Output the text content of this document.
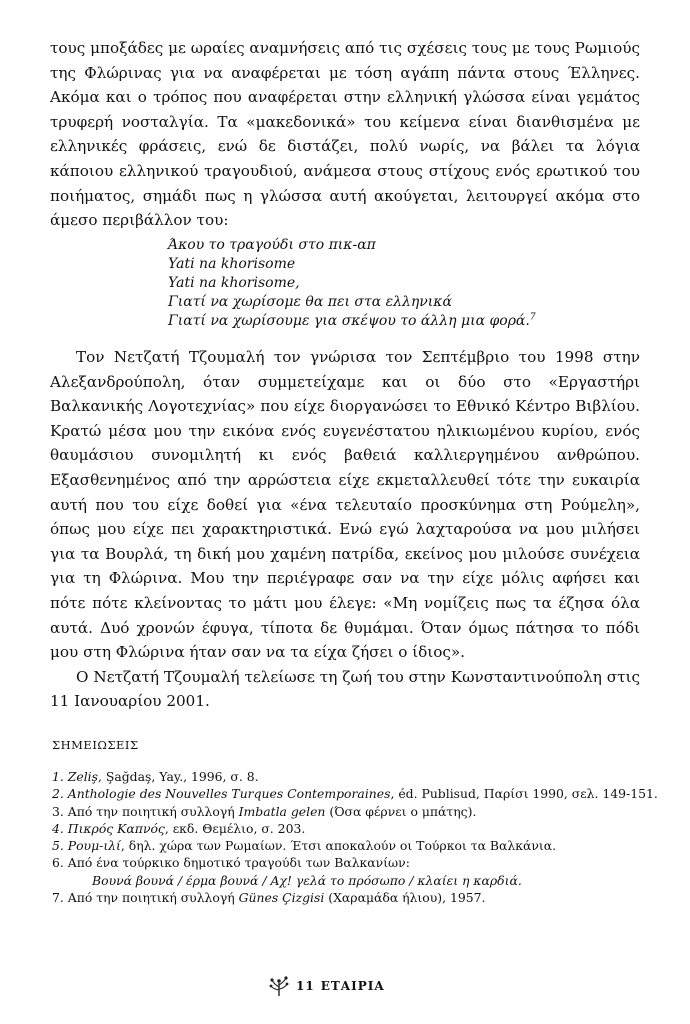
τους μποξάδες με ωραίες αναμνήσεις από τις σχέσεις τους με τους Ρωμιούς της Φλώρινας για να αναφέρεται με τόση αγάπη πάντα στους Έλληνες. Ακόμα και ο τρόπος που αναφέρεται στην ελληνική γλώσσα είναι γεμάτος τρυφερή νοσταλγία. Τα «μακεδονικά» του κείμενα είναι διανθισμένα με ελληνικές φράσεις, ενώ δε διστάζει, πολύ νωρίς, να βάλει τα λόγια κάποιου ελληνικού τραγουδιού, ανάμεσα στους στίχους ενός ερωτικού του ποιήματος, σημάδι πως η γλώσσα αυτή ακούγεται, λειτουργεί ακόμα στο άμεσο περιβάλλον του:

Άκου το τραγούδι στο πικ-απ
Yati na khorisome
Yati na khorisome,
Γιατί να χωρίσομε θα πει στα ελληνικά
Γιατί να χωρίσουμε για σκέψου το άλλη μια φορά.$^7$

Τον Νετζατή Τζουμαλή τον γνώρισα τον Σεπτέμβριο του 1998 στην Αλεξανδρούπολη, όταν συμμετείχαμε και οι δύο στο «Εργαστήρι Βαλκανικής Λογοτεχνίας» που είχε διοργανώσει το Εθνικό Κέντρο Βιβλίου. Κρατώ μέσα μου την εικόνα ενός ευγενέστατου ηλικιωμένου κυρίου, ενός θαυμάσιου συνομιλητή κι ενός βαθειά καλλιεργημένου ανθρώπου. Εξασθενημένος από την αρρώστεια είχε εκμεταλλευθεί τότε την ευκαιρία αυτή που του είχε δοθεί για «ένα τελευταίο προσκύνημα στη Ρούμελη», όπως μου είχε πει χαρακτηριστικά. Ενώ εγώ λαχταρούσα να μου μιλήσει για τα Βουρλά, τη δική μου χαμένη πατρίδα, εκείνος μου μιλούσε συνέχεια για τη Φλώρινα. Μου την περιέγραφε σαν να την είχε μόλις αφήσει και πότε πότε κλείνοντας το μάτι μου έλεγε: «Μη νομίζεις πως τα έζησα όλα αυτά. Δυό χρονών έφυγα, τίποτα δε θυμάμαι. Όταν όμως πάτησα το πόδι μου στη Φλώρινα ήταν σαν να τα είχα ζήσει ο ίδιος».

Ο Νετζατή Τζουμαλή τελείωσε τη ζωή του στην Κωνσταντινούπολη στις 11 Ιανουαρίου 2001.

ΣΗΜΕΙΩΣΕΙΣ
1. Zeliş, Şağdaş, Yay., 1996, σ. 8.
2. Anthologie des Nouvelles Turques Contemporaines, éd. Publisud, Παρίσι 1990, σελ. 149-151.
3. Από την ποιητική συλλογή Imbatla gelen (Όσα φέρνει ο μπάτης).
4. Πικρός Καπνός, εκδ. Θεμέλιο, σ. 203.
5. Ρουμ-ιλί, δηλ. χώρα των Ρωμαίων. Έτσι αποκαλούν οι Τούρκοι τα Βαλκάνια.
6. Από ένα τούρκικο δημοτικό τραγούδι των Βαλκανίων:
Βουνά βουνά / έρμα βουνά / Αχ! γελά το πρόσωπο / κλαίει η καρδιά.
7. Από την ποιητική συλλογή Günes Çizgisi (Χαραμάδα ήλιου), 1957.
11 ΕΤΑΙΡΙΑ
